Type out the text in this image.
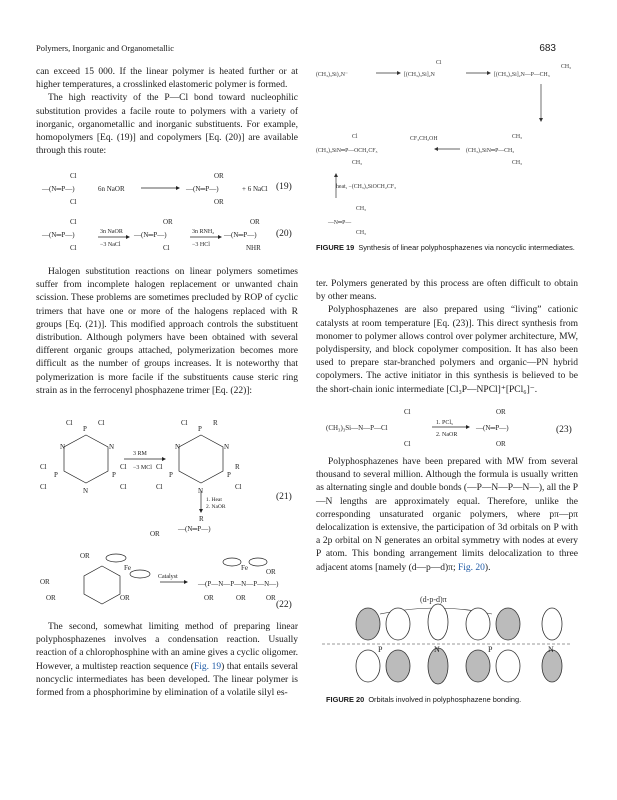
Polymers, Inorganic and Organometallic	683

can exceed 15 000. If the linear polymer is heated further or at higher temperatures, a crosslinked elastomeric polymer is formed.

The high reactivity of the P—Cl bond toward nucleophilic substitution provides a facile route to polymers with a variety of inorganic, organometallic and inorganic substituents. For example, homopolymers [Eq. (19)] and copolymers [Eq. (20)] are available through this route:

Cl
—(N═P—)
Cl
6n NaOR
OR
—(N═P—)
OR
+ 6 NaCl
Cl
—(N═P—)
Cl
3n NaOR
−3 NaCl
OR
—(N═P—)
Cl
3n RNH₂
−3 HCl
OR
—(N═P—)
NHR
(19)
(20)

Halogen substitution reactions on linear polymers sometimes suffer from incomplete halogen replacement or unwanted chain scission. These problems are sometimes precluded by ROP of cyclic trimers that have one or more of the halogens replaced with R groups [Eq. (21)]. This modified approach controls the substituent distribution. Although polymers have been obtained with several different organic groups attached, polymerization becomes more difficult as the number of groups increases. It is noteworthy that polymerization is more facile if the substituents cause steric ring strain as in the ferrocenyl phosphazene trimer [Eq. (22)]:

P
Cl	Cl
N	N
N
P	P
Cl
Cl
Cl
Cl
3 RM
−3 MCl
P
Cl	R
N	N
N
P	P
Cl
Cl
R
Cl
1. Heat
2. NaOR
R
—(N═P—)
OR
(21)
OR
Fe
OR
OR	OR
Catalyst
Fe
—(P—N—P—N—P—N—)
OR	OR	OR
OR
(22)

The second, somewhat limiting method of preparing linear polyphosphazenes involves a condensation reaction. Usually reaction of a chlorophosphine with an amine gives a cyclic oligomer. However, a multistep reaction sequence (Fig. 19) that entails several noncyclic intermediates has been developed. The linear polymer is formed from a phosphorimine by elimination of a volatile silyl es-

(CH₃)₃Si)₂N⁻	[(CH₃)₃Si]₂N	[(CH₃)₃Si]₂N—P—CH₃
(CH₃)₃SiN═P—OCH₂CF₃	(CH₃)₃SiN═P—CH₃
—N═P—
Cl
CH₃
CF₃CH₂OH
heat, −(CH₃)₃SiOCH₂CF₃
Cl
CH₃
CH₃
CH₃
CH₃
CH₃
FIGURE 19 Synthesis of linear polyphosphazenes via noncyclic intermediates.

ter. Polymers generated by this process are often difficult to obtain by other means.

Polyphosphazenes are also prepared using “living” cationic catalysts at room temperature [Eq. (23)]. This direct synthesis from monomer to polymer allows control over polymer architecture, MW, polydispersity, and block copolymer composition. It has also been used to prepare star-branched polymers and organic—PN hybrid copolymers. The active initiator in this synthesis is believed to be the short-chain ionic intermediate [Cl₃P—NPCl]⁺[PCl₆]⁻.

Cl
(CH₃)₃Si—N—P—Cl
Cl
1. PCl₅
2. NaOR
OR
—(N═P—)
OR
(23)

Polyphosphazenes have been prepared with MW from several thousand to several million. Although the formula is usually written as alternating single and double bonds (—P—N—P—N—), all the P—N lengths are approximately equal. Therefore, unlike the corresponding unsaturated organic polymers, where pπ—pπ delocalization is extensive, the participation of 3d orbitals on P with a 2p orbital on N generates an orbital symmetry with nodes at every P atom. This bonding arrangement limits delocalization to three adjacent atoms [namely (d—p—d)π; Fig. 20).

(d-p-d)π
P	N	P	N
FIGURE 20 Orbitals involved in polyphosphazene bonding.
